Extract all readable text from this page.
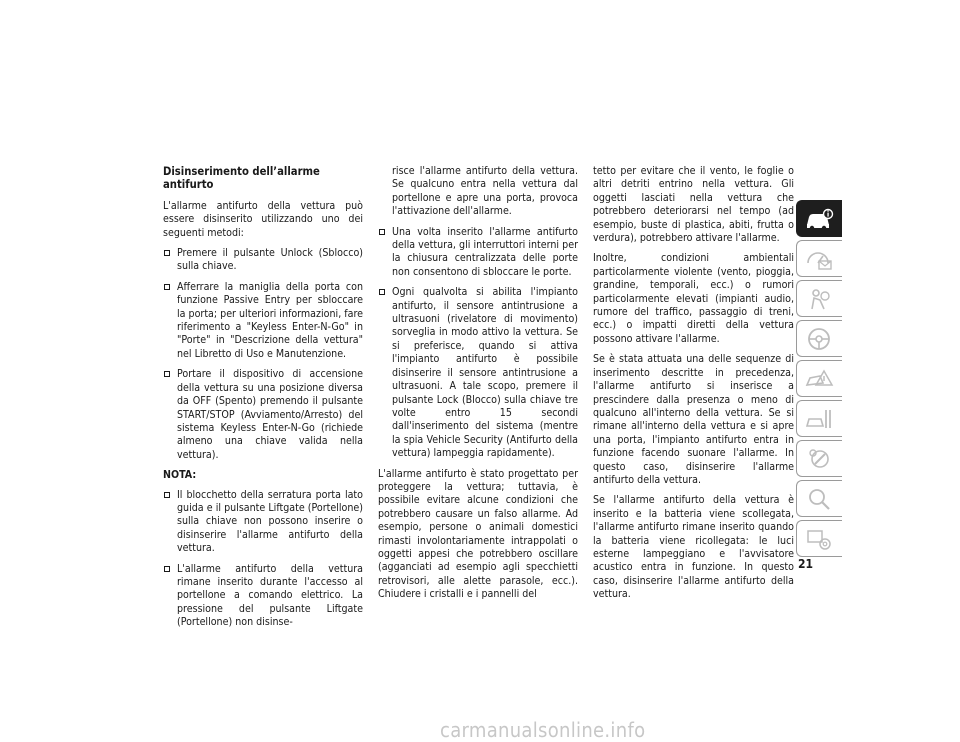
Disinserimento dell’allarme antifurto

L'allarme antifurto della vettura può essere disinserito utilizzando uno dei seguenti metodi:

Premere il pulsante Unlock (Sblocco) sulla chiave.
Afferrare la maniglia della porta con funzione Passive Entry per sbloccare la porta; per ulteriori informazioni, fare riferimento a "Keyless Enter-N-Go" in "Porte" in "Descrizione della vettura" nel Libretto di Uso e Manutenzione.
Portare il dispositivo di accensione della vettura su una posizione diversa da OFF (Spento) premendo il pulsante START/STOP (Avviamento/Arresto) del sistema Keyless Enter-N-Go (richiede almeno una chiave valida nella vettura).
NOTA:
Il blocchetto della serratura porta lato guida e il pulsante Liftgate (Portellone) sulla chiave non possono inserire o disinserire l'allarme antifurto della vettura.
L'allarme antifurto della vettura rimane inserito durante l'accesso al portellone a comando elettrico. La pressione del pulsante Liftgate (Portellone) non disinse-
risce l'allarme antifurto della vettura. Se qualcuno entra nella vettura dal portellone e apre una porta, provoca l'attivazione dell'allarme.
Una volta inserito l'allarme antifurto della vettura, gli interruttori interni per la chiusura centralizzata delle porte non consentono di sbloccare le porte.
Ogni qualvolta si abilita l'impianto antifurto, il sensore antintrusione a ultrasuoni (rivelatore di movimento) sorveglia in modo attivo la vettura. Se si preferisce, quando si attiva l'impianto antifurto è possibile disinserire il sensore antintrusione a ultrasuoni. A tale scopo, premere il pulsante Lock (Blocco) sulla chiave tre volte entro 15 secondi dall'inserimento del sistema (mentre la spia Vehicle Security (Antifurto della vettura) lampeggia rapidamente).

L'allarme antifurto è stato progettato per proteggere la vettura; tuttavia, è possibile evitare alcune condizioni che potrebbero causare un falso allarme. Ad esempio, persone o animali domestici rimasti involontariamente intrappolati o oggetti appesi che potrebbero oscillare (agganciati ad esempio agli specchietti retrovisori, alle alette parasole, ecc.). Chiudere i cristalli e i pannelli del

tetto per evitare che il vento, le foglie o altri detriti entrino nella vettura. Gli oggetti lasciati nella vettura che potrebbero deteriorarsi nel tempo (ad esempio, buste di plastica, abiti, frutta o verdura), potrebbero attivare l'allarme.

Inoltre, condizioni ambientali particolarmente violente (vento, pioggia, grandine, temporali, ecc.) o rumori particolarmente elevati (impianti audio, rumore del traffico, passaggio di treni, ecc.) o impatti diretti della vettura possono attivare l'allarme.

Se è stata attuata una delle sequenze di inserimento descritte in precedenza, l'allarme antifurto si inserisce a prescindere dalla presenza o meno di qualcuno all'interno della vettura. Se si rimane all'interno della vettura e si apre una porta, l'impianto antifurto entra in funzione facendo suonare l'allarme. In questo caso, disinserire l'allarme antifurto della vettura.

Se l'allarme antifurto della vettura è inserito e la batteria viene scollegata, l'allarme antifurto rimane inserito quando la batteria viene ricollegata: le luci esterne lampeggiano e l'avvisatore acustico entra in funzione. In questo caso, disinserire l'allarme antifurto della vettura.

21
carmanualsonline.info
